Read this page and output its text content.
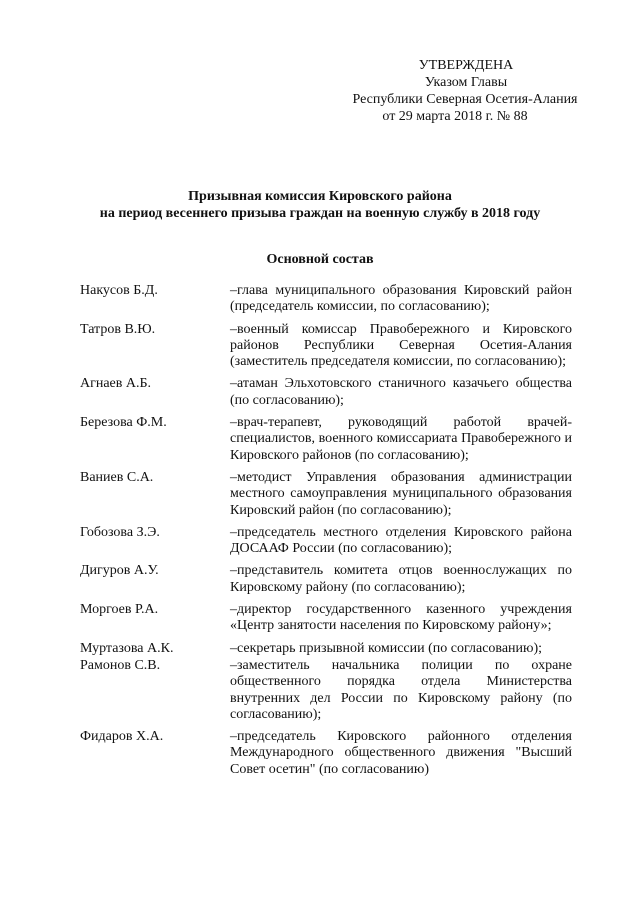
УТВЕРЖДЕНА
Указом Главы
Республики Северная Осетия-Алания
от 29 марта 2018 г. № 88
Призывная комиссия Кировского района
на период весеннего призыва граждан на военную службу в 2018 году
Основной состав
Накусов Б.Д.	–глава муниципального образования Кировский район (председатель комиссии, по согласованию);
Татров В.Ю.	–военный комиссар Правобережного и Кировского районов Республики Северная Осетия-Алания (заместитель председателя комиссии, по согласованию);
Агнаев А.Б.	–атаман Эльхотовского станичного казачьего общества (по согласованию);
Березова Ф.М.	–врач-терапевт, руководящий работой врачей-специалистов, военного комиссариата Правобережного и Кировского районов (по согласованию);
Ваниев С.А.	–методист Управления образования администрации местного самоуправления муниципального образования Кировский район (по согласованию);
Гобозова З.Э.	–председатель местного отделения Кировского района ДОСААФ России (по согласованию);
Дигуров А.У.	–представитель комитета отцов военнослужащих по Кировскому району (по согласованию);
Моргоев Р.А.	–директор государственного казенного учреждения «Центр занятости населения по Кировскому району»;
Муртазова А.К.	–секретарь призывной комиссии (по согласованию);
Рамонов С.В.	–заместитель начальника полиции по охране общественного порядка отдела Министерства внутренних дел России по Кировскому району (по согласованию);
Фидаров Х.А.	–председатель Кировского районного отделения Международного общественного движения "Высший Совет осетин" (по согласованию)
